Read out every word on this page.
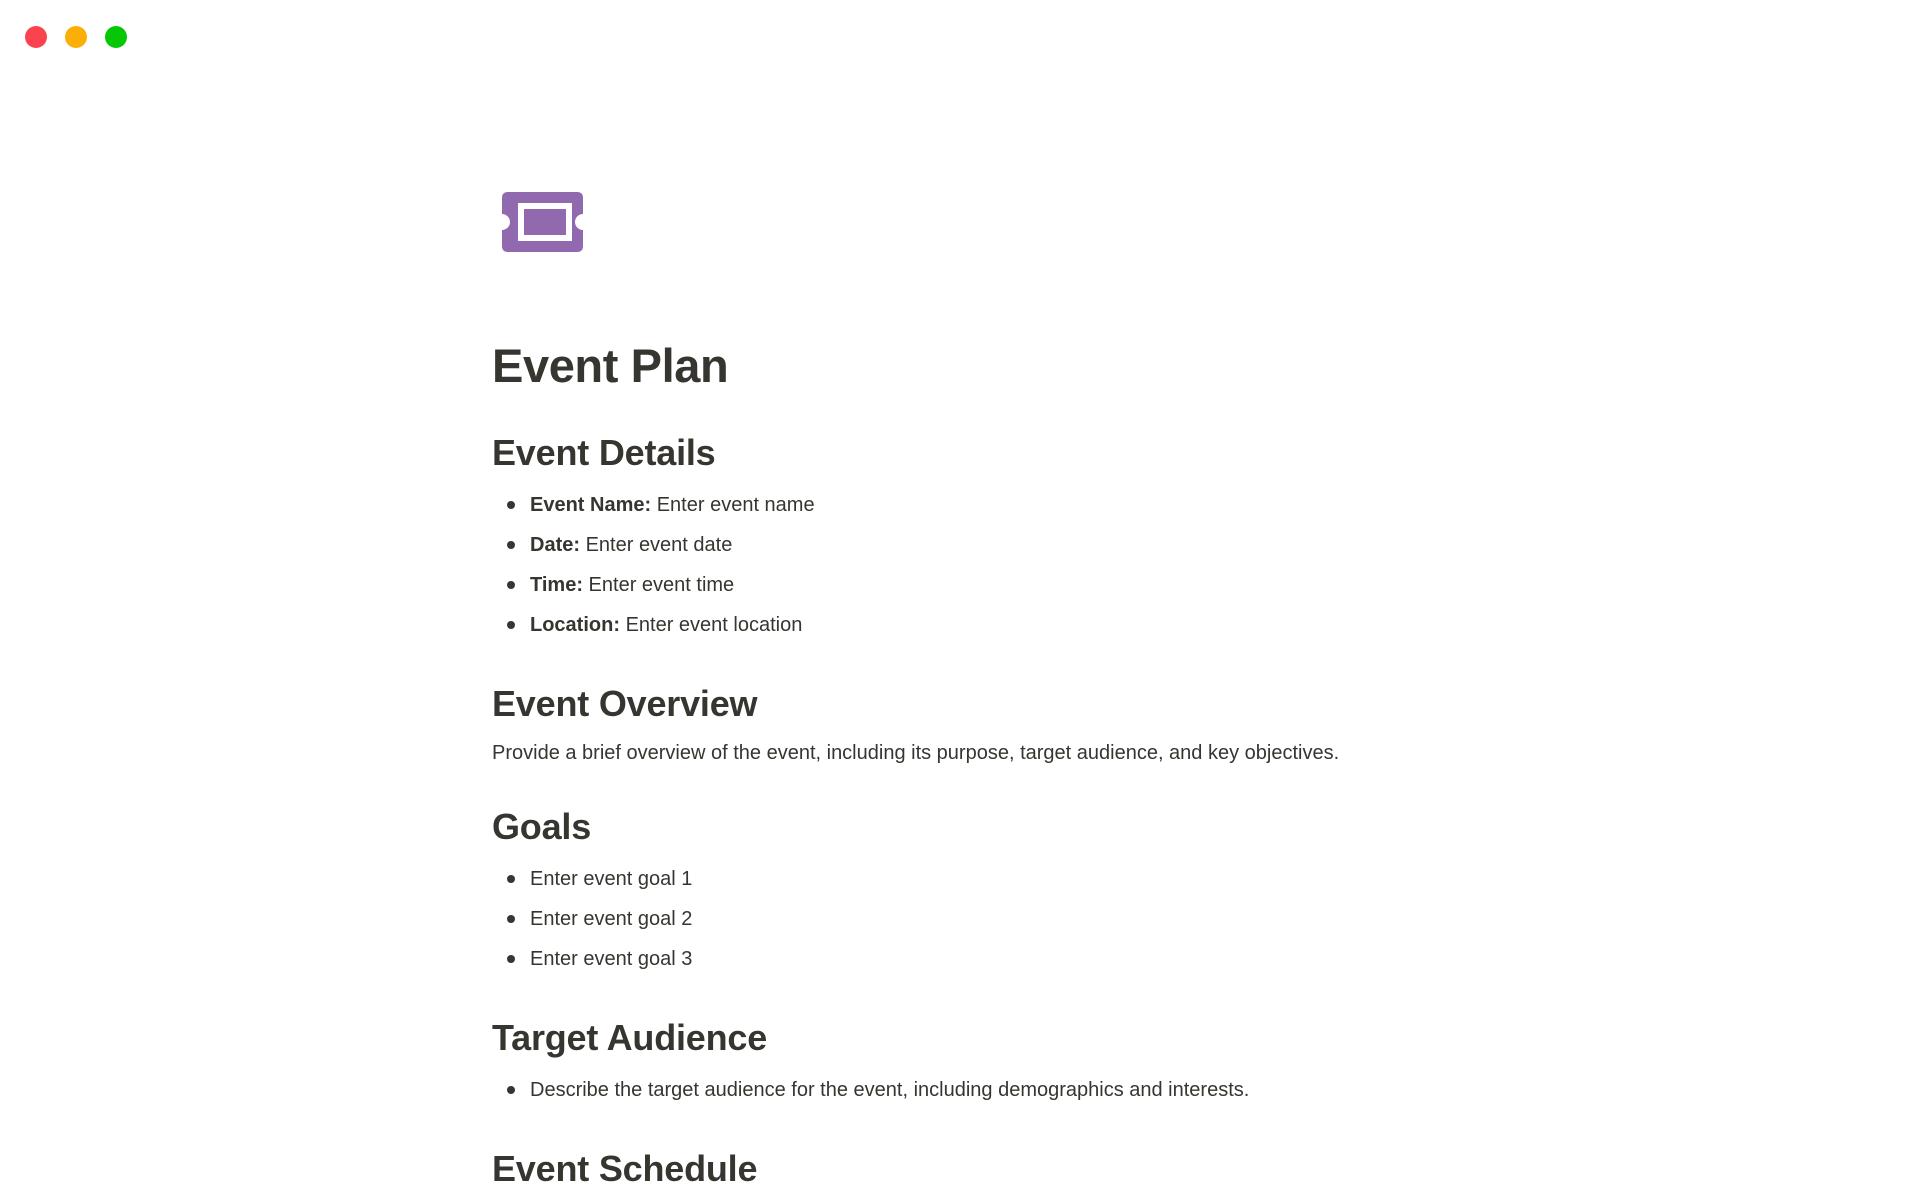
Event Plan
Event Details
Event Name: Enter event name
Date: Enter event date
Time: Enter event time
Location: Enter event location
Event Overview

Provide a brief overview of the event, including its purpose, target audience, and key objectives.

Goals
Enter event goal 1
Enter event goal 2
Enter event goal 3
Target Audience
Describe the target audience for the event, including demographics and interests.
Event Schedule
